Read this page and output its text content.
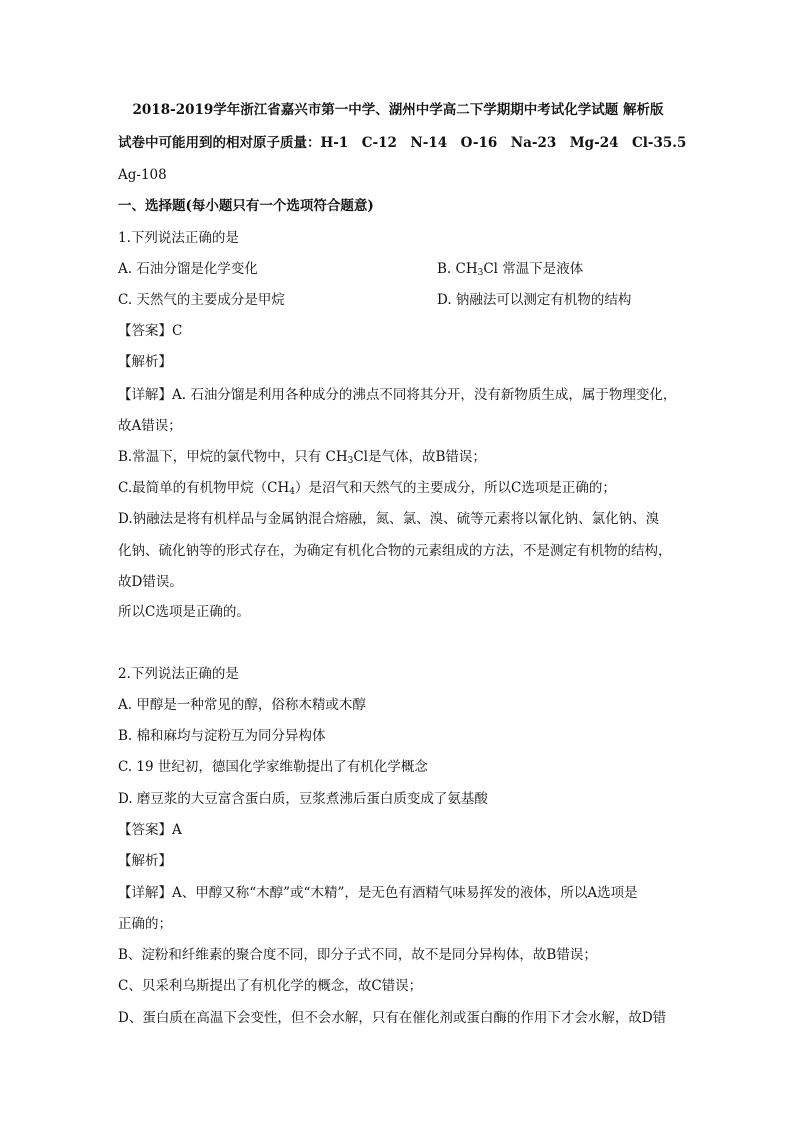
2018-2019学年浙江省嘉兴市第一中学、湖州中学高二下学期期中考试化学试题 解析版
试卷中可能用到的相对原子质量：H-1　C-12　N-14　O-16　Na-23　Mg-24　Cl-35.5
Ag-108
一、选择题(每小题只有一个选项符合题意)
1.下列说法正确的是
A. 石油分馏是化学变化	B. $CH_3Cl$ 常温下是液体
C. 天然气的主要成分是甲烷	D. 钠融法可以测定有机物的结构
【答案】C
【解析】
【详解】A. 石油分馏是利用各种成分的沸点不同将其分开，没有新物质生成，属于物理变化，
故A错误；
B.常温下，甲烷的氯代物中，只有 $CH_3Cl$是气体，故B错误；
C.最简单的有机物甲烷$(CH_4)$是沼气和天然气的主要成分，所以C选项是正确的；
D.钠融法是将有机样品与金属钠混合熔融，氮、氯、溴、硫等元素将以氰化钠、氯化钠、溴
化钠、硫化钠等的形式存在，为确定有机化合物的元素组成的方法，不是测定有机物的结构，
故D错误。
所以C选项是正确的。
2.下列说法正确的是
A. 甲醇是一种常见的醇，俗称木精或木醇
B. 棉和麻均与淀粉互为同分异构体
C. 19 世纪初，德国化学家维勒提出了有机化学概念
D. 磨豆浆的大豆富含蛋白质，豆浆煮沸后蛋白质变成了氨基酸
【答案】A
【解析】
【详解】A、甲醇又称“木醇”或“木精”，是无色有酒精气味易挥发的液体，所以A选项是
正确的；
B、淀粉和纤维素的聚合度不同，即分子式不同，故不是同分异构体，故B错误；
C、贝采利乌斯提出了有机化学的概念，故C错误；
D、蛋白质在高温下会变性，但不会水解，只有在催化剂或蛋白酶的作用下才会水解，故D错
